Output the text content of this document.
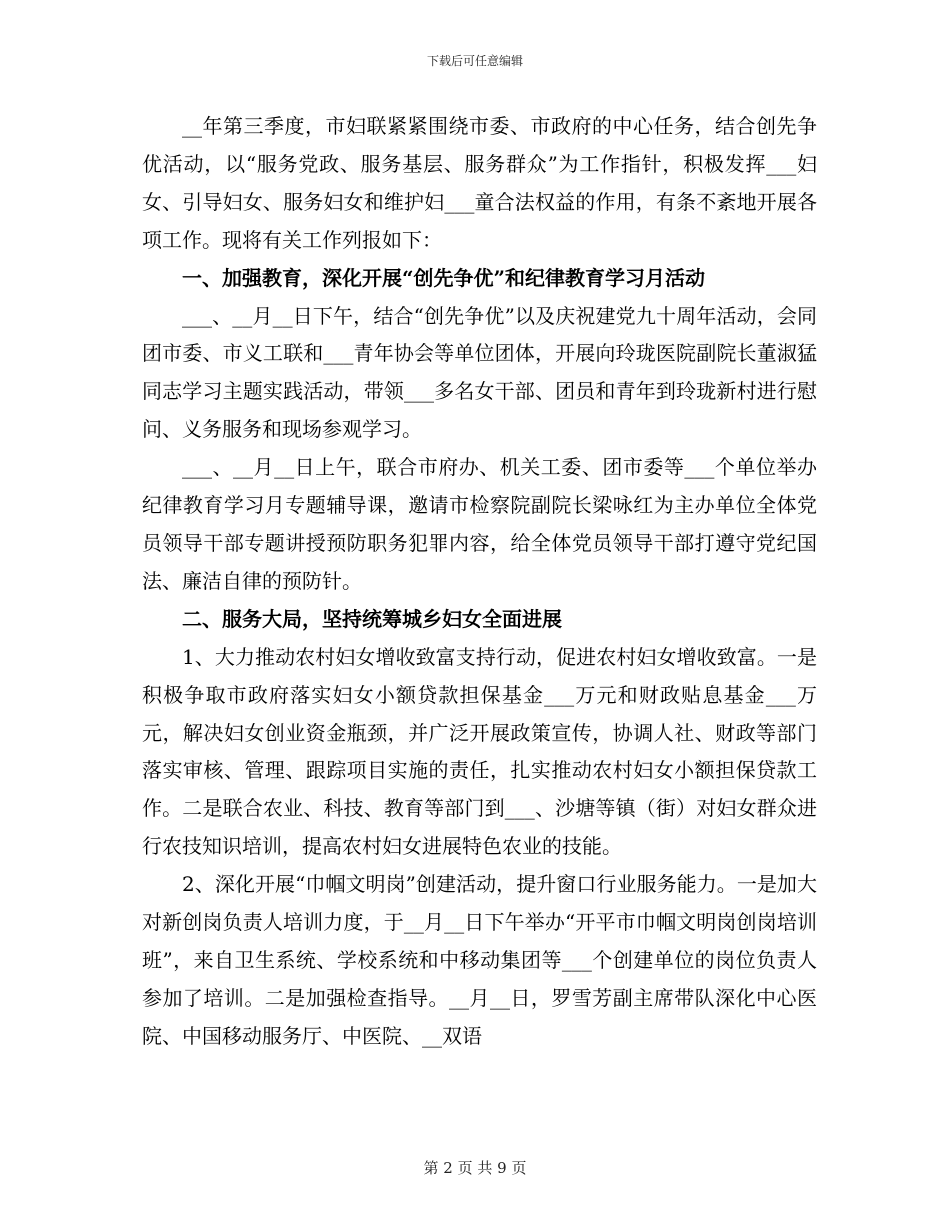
下载后可任意编辑

__年第三季度，市妇联紧紧围绕市委、市政府的中心任务，结合创先争优活动，以“服务党政、服务基层、服务群众”为工作指针，积极发挥___妇女、引导妇女、服务妇女和维护妇___童合法权益的作用，有条不紊地开展各项工作。现将有关工作列报如下：

一、加强教育，深化开展“创先争优”和纪律教育学习月活动

___、__月__日下午，结合“创先争优”以及庆祝建党九十周年活动，会同团市委、市义工联和___青年协会等单位团体，开展向玲珑医院副院长董淑猛同志学习主题实践活动，带领___多名女干部、团员和青年到玲珑新村进行慰问、义务服务和现场参观学习。

___、__月__日上午，联合市府办、机关工委、团市委等___个单位举办纪律教育学习月专题辅导课，邀请市检察院副院长梁咏红为主办单位全体党员领导干部专题讲授预防职务犯罪内容，给全体党员领导干部打遵守党纪国法、廉洁自律的预防针。

二、服务大局，坚持统筹城乡妇女全面进展

1、大力推动农村妇女增收致富支持行动，促进农村妇女增收致富。一是积极争取市政府落实妇女小额贷款担保基金___万元和财政贴息基金___万元，解决妇女创业资金瓶颈，并广泛开展政策宣传，协调人社、财政等部门落实审核、管理、跟踪项目实施的责任，扎实推动农村妇女小额担保贷款工作。二是联合农业、科技、教育等部门到___、沙塘等镇（街）对妇女群众进行农技知识培训，提高农村妇女进展特色农业的技能。

2、深化开展“巾帼文明岗”创建活动，提升窗口行业服务能力。一是加大对新创岗负责人培训力度，于__月__日下午举办“开平市巾帼文明岗创岗培训班”，来自卫生系统、学校系统和中移动集团等___个创建单位的岗位负责人参加了培训。二是加强检查指导。__月__日，罗雪芳副主席带队深化中心医院、中国移动服务厅、中医院、__双语

第 2 页 共 9 页
